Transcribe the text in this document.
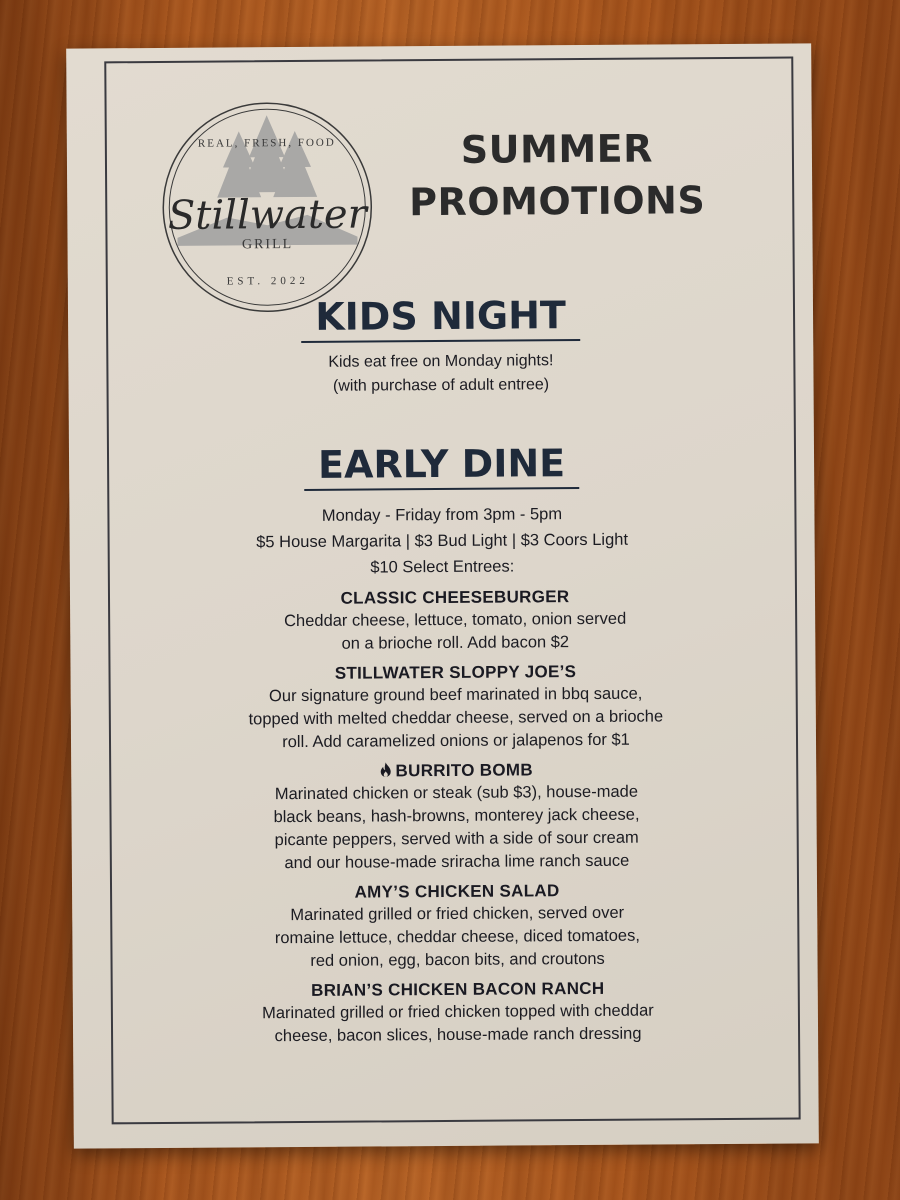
REAL, FRESH, FOOD
Stillwater
GRILL
EST. 2022
SUMMER
PROMOTIONS
KIDS NIGHT
Kids eat free on Monday nights!
(with purchase of adult entree)
EARLY DINE
Monday - Friday from 3pm - 5pm
$5 House Margarita | $3 Bud Light | $3 Coors Light
$10 Select Entrees:
CLASSIC CHEESEBURGER
Cheddar cheese, lettuce, tomato, onion served
on a brioche roll. Add bacon $2
STILLWATER SLOPPY JOE’S
Our signature ground beef marinated in bbq sauce,
topped with melted cheddar cheese, served on a brioche
roll. Add caramelized onions or jalapenos for $1
BURRITO BOMB
Marinated chicken or steak (sub $3), house-made
black beans, hash-browns, monterey jack cheese,
picante peppers, served with a side of sour cream
and our house-made sriracha lime ranch sauce
AMY’S CHICKEN SALAD
Marinated grilled or fried chicken, served over
romaine lettuce, cheddar cheese, diced tomatoes,
red onion, egg, bacon bits, and croutons
BRIAN’S CHICKEN BACON RANCH
Marinated grilled or fried chicken topped with cheddar
cheese, bacon slices, house-made ranch dressing
